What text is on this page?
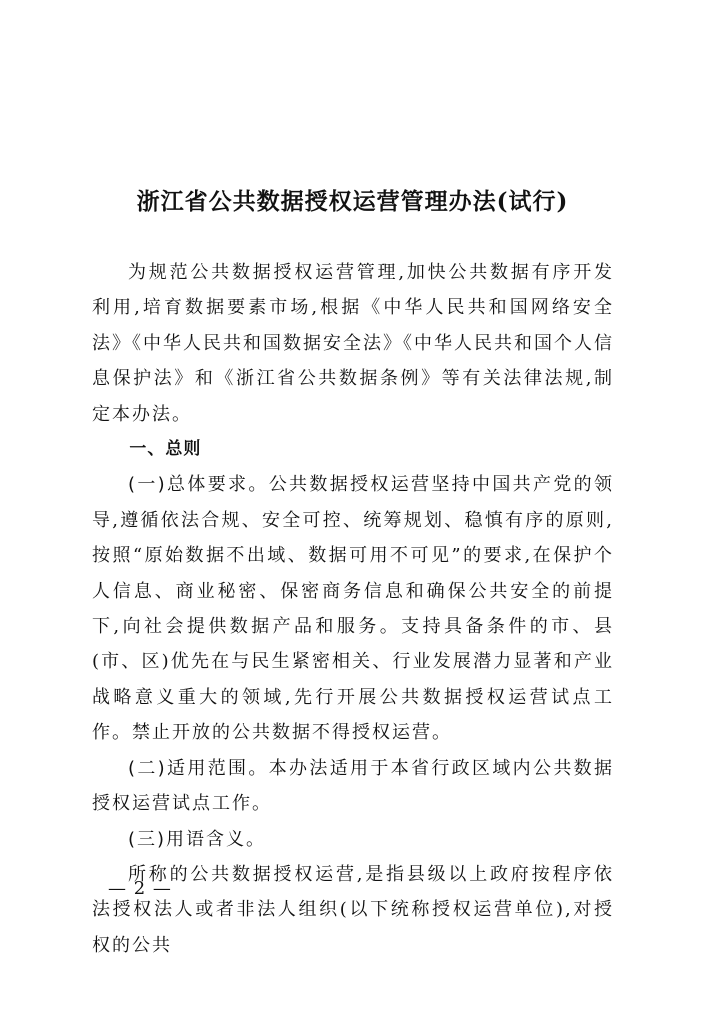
浙江省公共数据授权运营管理办法(试行)

为规范公共数据授权运营管理,加快公共数据有序开发利用,培育数据要素市场,根据《中华人民共和国网络安全法》《中华人民共和国数据安全法》《中华人民共和国个人信息保护法》和《浙江省公共数据条例》等有关法律法规,制定本办法。

一、总则

(一)总体要求。公共数据授权运营坚持中国共产党的领导,遵循依法合规、安全可控、统筹规划、稳慎有序的原则,按照“原始数据不出域、数据可用不可见”的要求,在保护个人信息、商业秘密、保密商务信息和确保公共安全的前提下,向社会提供数据产品和服务。支持具备条件的市、县(市、区)优先在与民生紧密相关、行业发展潜力显著和产业战略意义重大的领域,先行开展公共数据授权运营试点工作。禁止开放的公共数据不得授权运营。

(二)适用范围。本办法适用于本省行政区域内公共数据授权运营试点工作。

(三)用语含义。

所称的公共数据授权运营,是指县级以上政府按程序依法授权法人或者非法人组织(以下统称授权运营单位),对授权的公共

— 2 —
